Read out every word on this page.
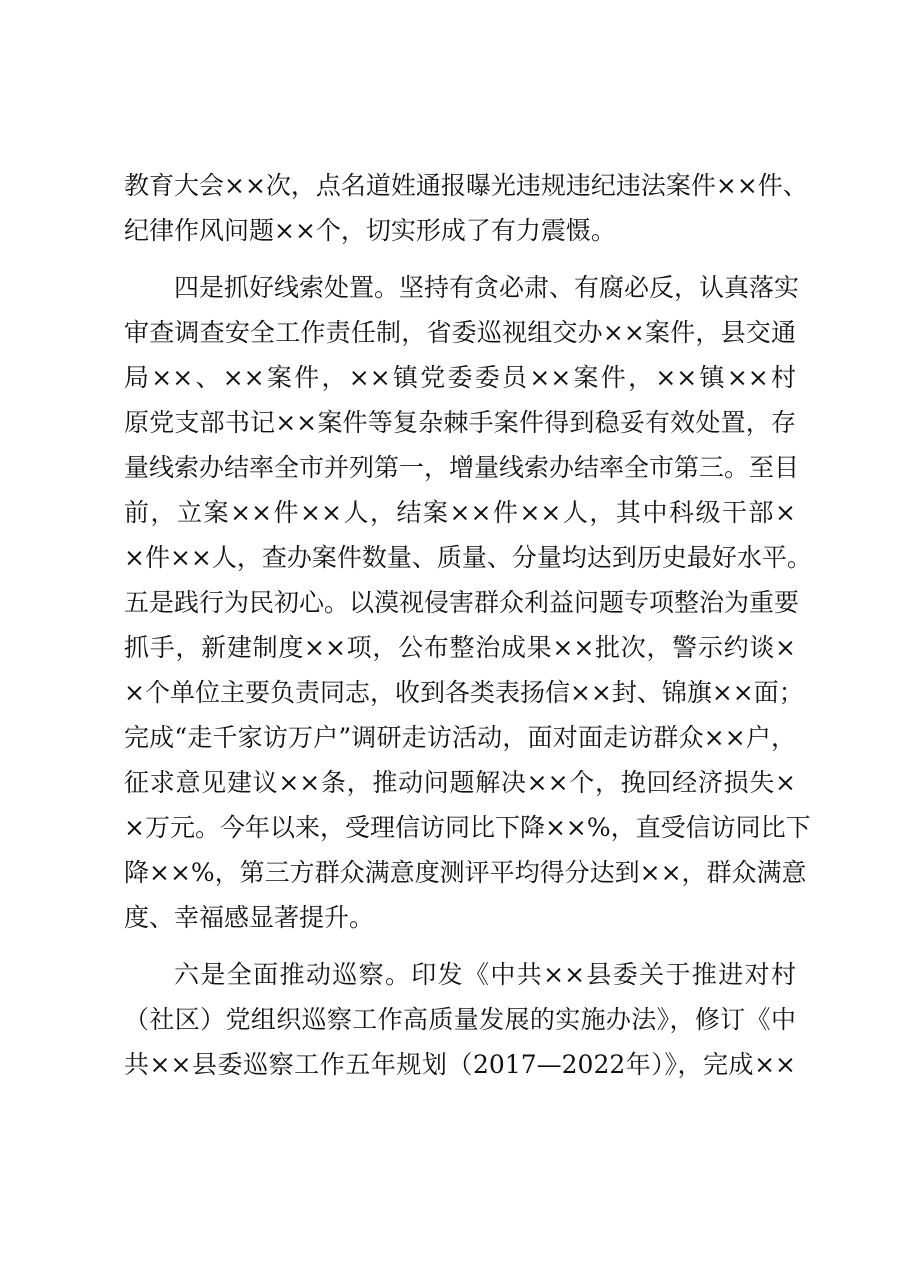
教育大会××次，点名道姓通报曝光违规违纪违法案件××件、
纪律作风问题××个，切实形成了有力震慑。
四是抓好线索处置。坚持有贪必肃、有腐必反，认真落实
审查调查安全工作责任制，省委巡视组交办××案件，县交通
局××、××案件，××镇党委委员××案件，××镇××村
原党支部书记××案件等复杂棘手案件得到稳妥有效处置，存
量线索办结率全市并列第一，增量线索办结率全市第三。至目
前，立案××件××人，结案××件××人，其中科级干部×
×件××人，查办案件数量、质量、分量均达到历史最好水平。
五是践行为民初心。以漠视侵害群众利益问题专项整治为重要
抓手，新建制度××项，公布整治成果××批次，警示约谈×
×个单位主要负责同志，收到各类表扬信××封、锦旗××面；
完成“走千家访万户”调研走访活动，面对面走访群众××户，
征求意见建议××条，推动问题解决××个，挽回经济损失×
×万元。今年以来，受理信访同比下降××%，直受信访同比下
降××%，第三方群众满意度测评平均得分达到××，群众满意
度、幸福感显著提升。
六是全面推动巡察。印发《中共××县委关于推进对村
（社区）党组织巡察工作高质量发展的实施办法》，修订《中
共××县委巡察工作五年规划（2017—2022年）》，完成××
